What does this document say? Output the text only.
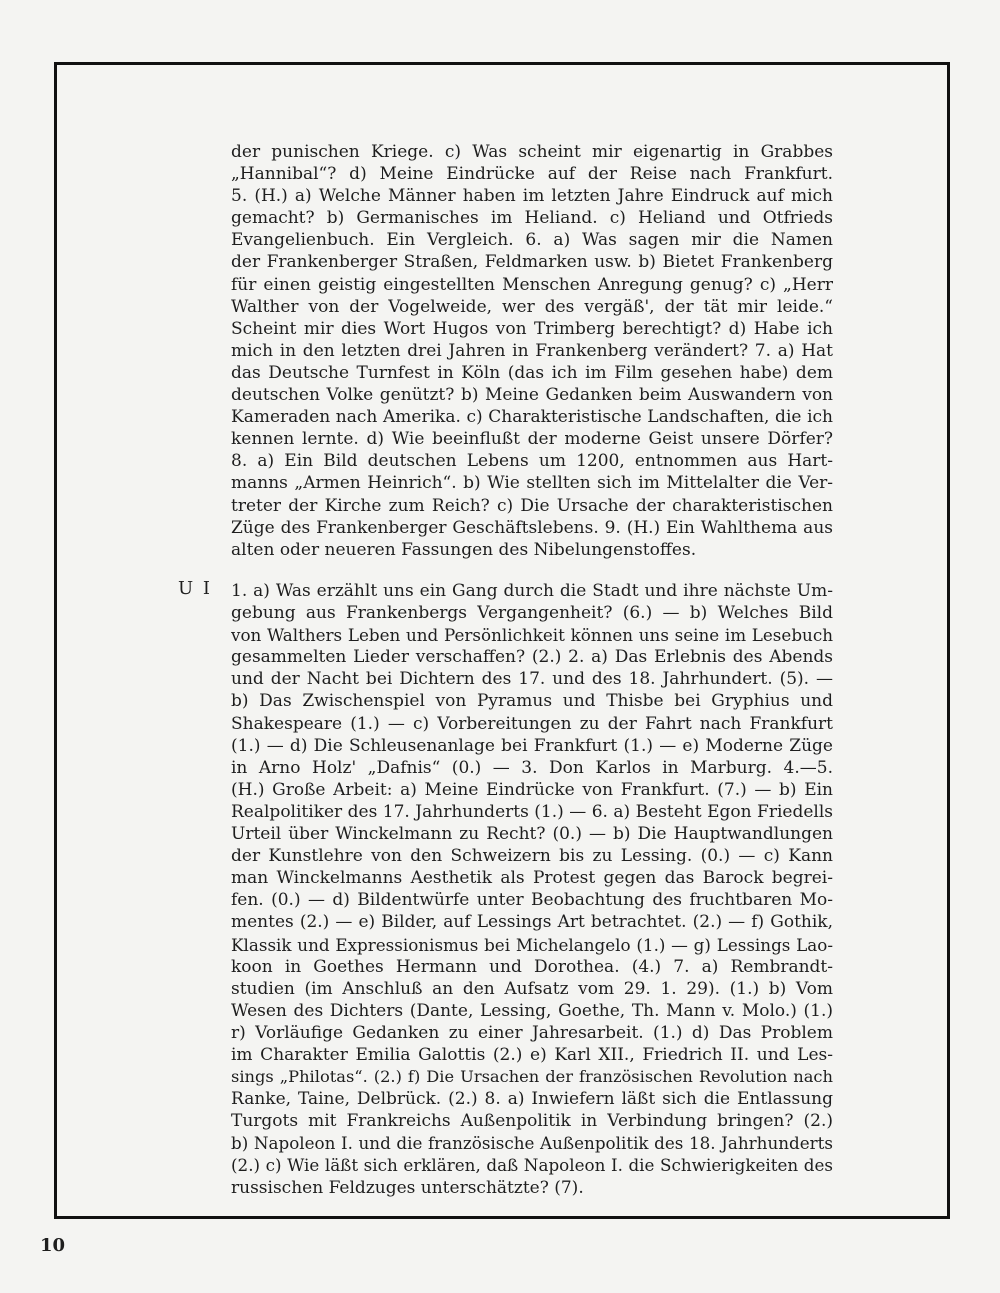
der punischen Kriege. c) Was scheint mir eigenartig in Grabbes

„Hannibal“? d) Meine Eindrücke auf der Reise nach Frankfurt.

5. (H.) a) Welche Männer haben im letzten Jahre Eindruck auf mich

gemacht? b) Germanisches im Heliand. c) Heliand und Otfrieds

Evangelienbuch. Ein Vergleich. 6. a) Was sagen mir die Namen

der Frankenberger Straßen, Feldmarken usw. b) Bietet Frankenberg

für einen geistig eingestellten Menschen Anregung genug? c) „Herr

Walther von der Vogelweide, wer des vergäß', der tät mir leide.“

Scheint mir dies Wort Hugos von Trimberg berechtigt? d) Habe ich

mich in den letzten drei Jahren in Frankenberg verändert? 7. a) Hat

das Deutsche Turnfest in Köln (das ich im Film gesehen habe) dem

deutschen Volke genützt? b) Meine Gedanken beim Auswandern von

Kameraden nach Amerika. c) Charakteristische Landschaften, die ich

kennen lernte. d) Wie beeinflußt der moderne Geist unsere Dörfer?

8. a) Ein Bild deutschen Lebens um 1200, entnommen aus Hart-

manns „Armen Heinrich“. b) Wie stellten sich im Mittelalter die Ver-

treter der Kirche zum Reich? c) Die Ursache der charakteristischen

Züge des Frankenberger Geschäftslebens. 9. (H.) Ein Wahlthema aus

alten oder neueren Fassungen des Nibelungenstoffes.

U I 1. a) Was erzählt uns ein Gang durch die Stadt und ihre nächste Um-

gebung aus Frankenbergs Vergangenheit? (6.) — b) Welches Bild

von Walthers Leben und Persönlichkeit können uns seine im Lesebuch

gesammelten Lieder verschaffen? (2.) 2. a) Das Erlebnis des Abends

und der Nacht bei Dichtern des 17. und des 18. Jahrhundert. (5). —

b) Das Zwischenspiel von Pyramus und Thisbe bei Gryphius und

Shakespeare (1.) — c) Vorbereitungen zu der Fahrt nach Frankfurt

(1.) — d) Die Schleusenanlage bei Frankfurt (1.) — e) Moderne Züge

in Arno Holz' „Dafnis“ (0.) — 3. Don Karlos in Marburg. 4.—5.

(H.) Große Arbeit: a) Meine Eindrücke von Frankfurt. (7.) — b) Ein

Realpolitiker des 17. Jahrhunderts (1.) — 6. a) Besteht Egon Friedells

Urteil über Winckelmann zu Recht? (0.) — b) Die Hauptwandlungen

der Kunstlehre von den Schweizern bis zu Lessing. (0.) — c) Kann

man Winckelmanns Aesthetik als Protest gegen das Barock begrei-

fen. (0.) — d) Bildentwürfe unter Beobachtung des fruchtbaren Mo-

mentes (2.) — e) Bilder, auf Lessings Art betrachtet. (2.) — f) Gothik,

Klassik und Expressionismus bei Michelangelo (1.) — g) Lessings Lao-

koon in Goethes Hermann und Dorothea. (4.) 7. a) Rembrandt-

studien (im Anschluß an den Aufsatz vom 29. 1. 29). (1.) b) Vom

Wesen des Dichters (Dante, Lessing, Goethe, Th. Mann v. Molo.) (1.)

r) Vorläufige Gedanken zu einer Jahresarbeit. (1.) d) Das Problem

im Charakter Emilia Galottis (2.) e) Karl XII., Friedrich II. und Les-

sings „Philotas“. (2.) f) Die Ursachen der französischen Revolution nach

Ranke, Taine, Delbrück. (2.) 8. a) Inwiefern läßt sich die Entlassung

Turgots mit Frankreichs Außenpolitik in Verbindung bringen? (2.)

b) Napoleon I. und die französische Außenpolitik des 18. Jahrhunderts

(2.) c) Wie läßt sich erklären, daß Napoleon I. die Schwierigkeiten des

russischen Feldzuges unterschätzte? (7).

10
